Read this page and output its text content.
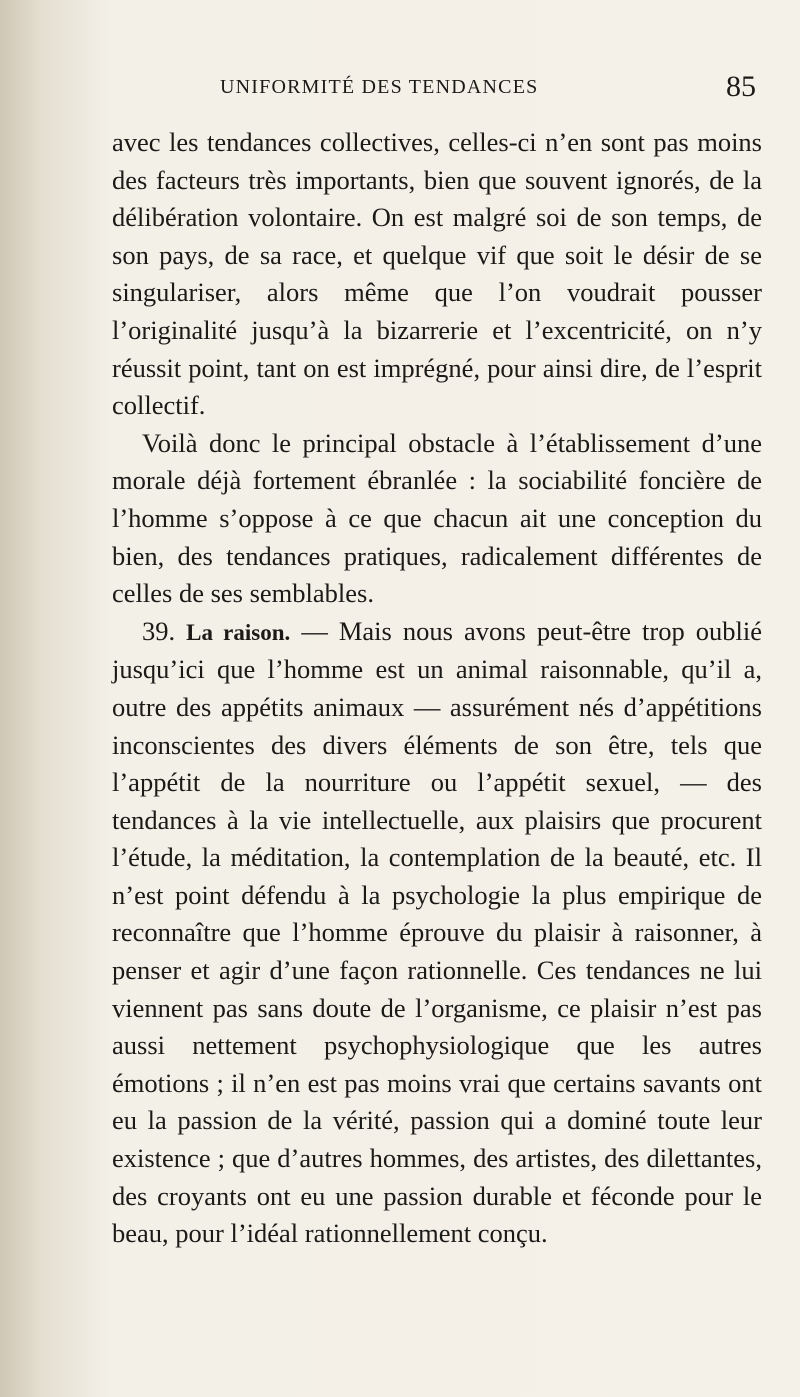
UNIFORMITÉ DES TENDANCES	85

avec les tendances collectives, celles-ci n’en sont pas moins des facteurs très importants, bien que souvent ignorés, de la délibération volontaire. On est malgré soi de son temps, de son pays, de sa race, et quelque vif que soit le désir de se singulariser, alors même que l’on voudrait pousser l’originalité jusqu’à la bizarrerie et l’excentricité, on n’y réussit point, tant on est imprégné, pour ainsi dire, de l’esprit collectif.

Voilà donc le principal obstacle à l’établissement d’une morale déjà fortement ébranlée : la sociabilité foncière de l’homme s’oppose à ce que chacun ait une conception du bien, des tendances pratiques, radicalement différentes de celles de ses semblables.

39. La raison. — Mais nous avons peut-être trop oublié jusqu’ici que l’homme est un animal raisonnable, qu’il a, outre des appétits animaux — assurément nés d’appétitions inconscientes des divers éléments de son être, tels que l’appétit de la nourriture ou l’appétit sexuel, — des tendances à la vie intellectuelle, aux plaisirs que procurent l’étude, la méditation, la contemplation de la beauté, etc. Il n’est point défendu à la psychologie la plus empirique de reconnaître que l’homme éprouve du plaisir à raisonner, à penser et agir d’une façon rationnelle. Ces tendances ne lui viennent pas sans doute de l’organisme, ce plaisir n’est pas aussi nettement psychophysiologique que les autres émotions ; il n’en est pas moins vrai que certains savants ont eu la passion de la vérité, passion qui a dominé toute leur existence ; que d’autres hommes, des artistes, des dilettantes, des croyants ont eu une passion durable et féconde pour le beau, pour l’idéal rationnellement conçu.
